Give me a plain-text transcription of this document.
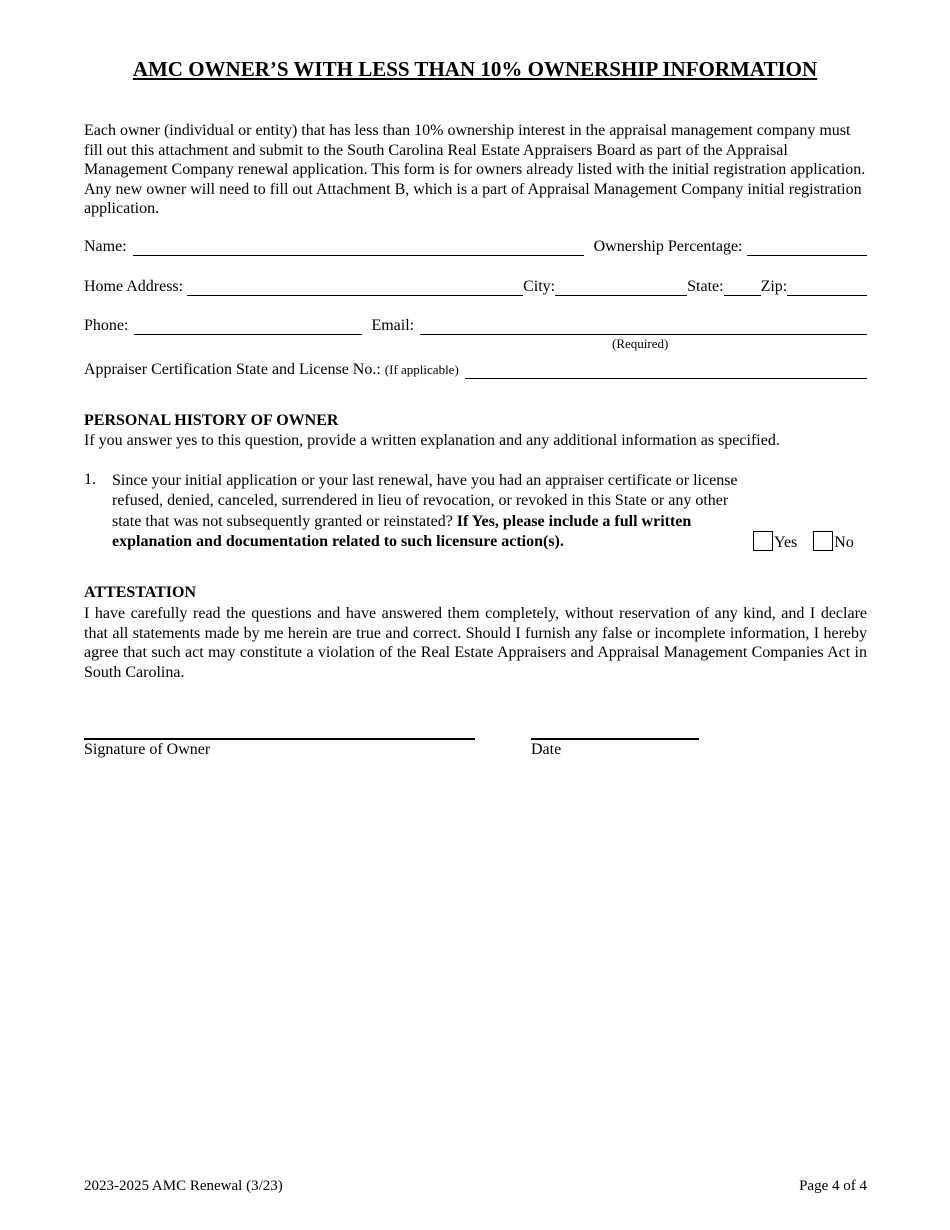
AMC OWNER’S WITH LESS THAN 10% OWNERSHIP INFORMATION
Each owner (individual or entity) that has less than 10% ownership interest in the appraisal management company must fill out this attachment and submit to the South Carolina Real Estate Appraisers Board as part of the Appraisal Management Company renewal application. This form is for owners already listed with the initial registration application. Any new owner will need to fill out Attachment B, which is a part of Appraisal Management Company initial registration application.
Name:	Ownership Percentage:
Home Address:	City:	State: Zip:
Phone:	Email:
(Required)
Appraiser Certification State and License No.: (If applicable)
PERSONAL HISTORY OF OWNER
If you answer yes to this question, provide a written explanation and any additional information as specified.
1. Since your initial application or your last renewal, have you had an appraiser certificate or license refused, denied, canceled, surrendered in lieu of revocation, or revoked in this State or any other state that was not subsequently granted or reinstated? If Yes, please include a full written explanation and documentation related to such licensure action(s).	Yes No
ATTESTATION
I have carefully read the questions and have answered them completely, without reservation of any kind, and I declare that all statements made by me herein are true and correct. Should I furnish any false or incomplete information, I hereby agree that such act may constitute a violation of the Real Estate Appraisers and Appraisal Management Companies Act in South Carolina.
Signature of Owner	Date
2023-2025 AMC Renewal (3/23)	Page 4 of 4
